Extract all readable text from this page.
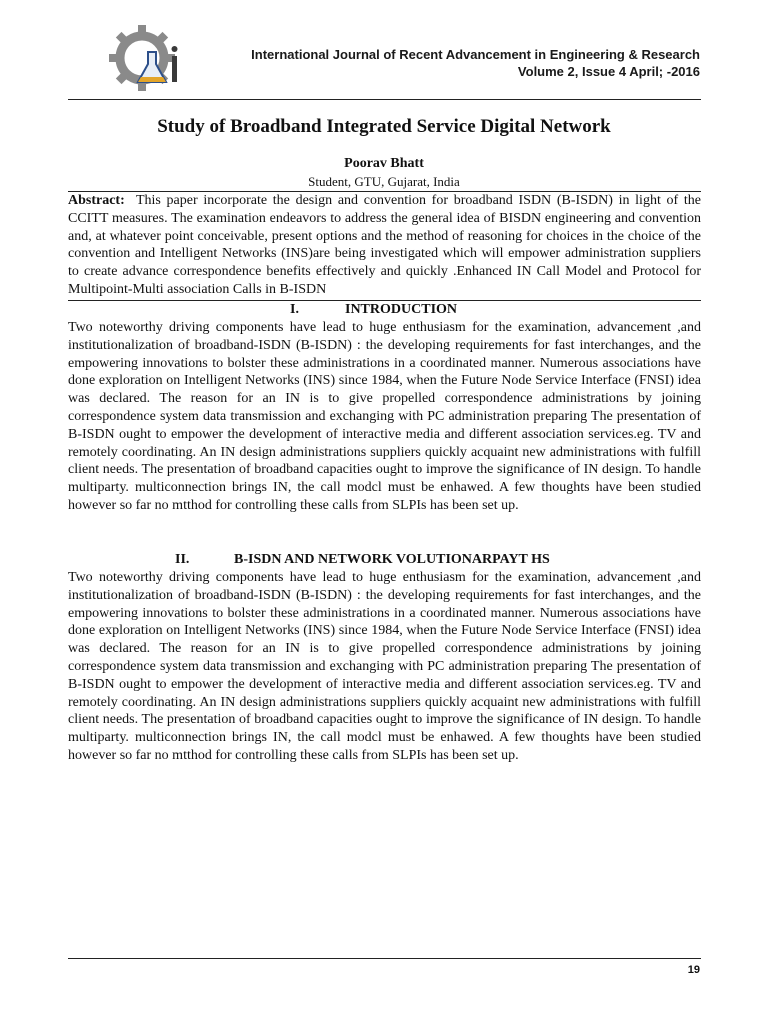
International Journal of Recent Advancement in Engineering & Research
Volume 2, Issue 4 April; -2016
Study of Broadband Integrated Service Digital Network
Poorav Bhatt
Student, GTU, Gujarat, India

Abstract: This paper incorporate the design and convention for broadband ISDN (B-ISDN) in light of the CCITT measures. The examination endeavors to address the general idea of BISDN engineering and convention and, at whatever point conceivable, present options and the method of reasoning for choices in the choice of the convention and Intelligent Networks (INS)are being investigated which will empower administration suppliers to create advance correspondence benefits effectively and quickly .Enhanced IN Call Model and Protocol for Multipoint-Multi association Calls in B-ISDN

I.	INTRODUCTION

Two noteworthy driving components have lead to huge enthusiasm for the examination, advancement ,and institutionalization of broadband-ISDN (B-ISDN) : the developing requirements for fast interchanges, and the empowering innovations to bolster these administrations in a coordinated manner. Numerous associations have done exploration on Intelligent Networks (INS) since 1984, when the Future Node Service Interface (FNSI) idea was declared. The reason for an IN is to give propelled correspondence administrations by joining correspondence system data transmission and exchanging with PC administration preparing The presentation of B-ISDN ought to empower the development of interactive media and different association services.eg. TV and remotely coordinating. An IN design administrations suppliers quickly acquaint new administrations with fulfill client needs. The presentation of broadband capacities ought to improve the significance of IN design. To handle multiparty. multiconnection brings IN, the call modcl must be enhawed. A few thoughts have been studied however so far no mtthod for controlling these calls from SLPIs has been set up.

II.	B-ISDN AND NETWORK VOLUTIONARPAYT HS

Two noteworthy driving components have lead to huge enthusiasm for the examination, advancement ,and institutionalization of broadband-ISDN (B-ISDN) : the developing requirements for fast interchanges, and the empowering innovations to bolster these administrations in a coordinated manner. Numerous associations have done exploration on Intelligent Networks (INS) since 1984, when the Future Node Service Interface (FNSI) idea was declared. The reason for an IN is to give propelled correspondence administrations by joining correspondence system data transmission and exchanging with PC administration preparing The presentation of B-ISDN ought to empower the development of interactive media and different association services.eg. TV and remotely coordinating. An IN design administrations suppliers quickly acquaint new administrations with fulfill client needs. The presentation of broadband capacities ought to improve the significance of IN design. To handle multiparty. multiconnection brings IN, the call modcl must be enhawed. A few thoughts have been studied however so far no mtthod for controlling these calls from SLPIs has been set up.

19
